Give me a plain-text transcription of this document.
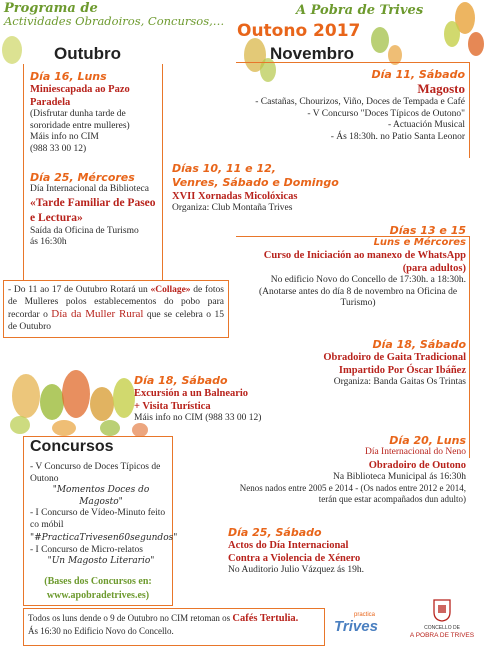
Programa de
Actividades Obradoiros, Concursos,…
A Pobra de Trives
Outono 2017
Outubro	Novembro
Día 16, Luns
Miniescapada ao Pazo Paradela
(Disfrutar dunha tarde de sororidade entre mulleres)
Máis info no CIM
(988 33 00 12)
Día 25, Mércores
Día Internacional da Biblioteca
«Tarde Familiar de Paseo e Lectura»
Saída da Oficina de Turismo
ás 16:30h
- Do 11 ao 17 de Outubro Rotará un «Collage» de fotos de Mulleres polos establecementos do pobo para recordar o Día da Muller Rural que se celebra o 15 de Outubro
Día 11, Sábado
Magosto
- Castañas, Chourizos, Viño, Doces de Tempada e Café
- V Concurso "Doces Típicos de Outono"
- Actuación Musical
- Ás 18:30h. no Patio Santa Leonor
Días 10, 11 e 12,
Venres, Sábado e Domingo
XVII Xornadas Micolóxicas
Organiza: Club Montaña Trives
Días 13 e 15
Luns e Mércores
Curso de Iniciación ao manexo de WhatsApp
(para adultos)
No edificio Novo do Concello de 17:30h. a 18:30h.
(Anotarse antes do día 8 de novembro na Oficina de Turismo)
Día 18, Sábado
Obradoiro de Gaita Tradicional
Impartido Por Óscar Ibáñez
Organiza: Banda Gaitas Os Trintas
Día 18, Sábado
Excursión a un Balneario
+ Visita Turística
Máis info no CIM (988 33 00 12)
Día 20, Luns
Día Internacional do Neno
Obradoiro de Outono
Na Biblioteca Municipal ás 16:30h
Nenos nados entre 2005 e 2014 - (Os nados entre 2012 e 2014, terán que estar acompañados dun adulto)
Día 25, Sábado
Actos do Día Internacional
Contra a Violencia de Xénero
No Auditorio Julio Vázquez ás 19h.
Concursos
- V Concurso de Doces Típicos de Outono
"Momentos Doces do Magosto"
- I Concurso de Vídeo-Minuto feito co móbil
"#PracticaTrivesen60segundos"
- I Concurso de Micro-relatos
"Un Magosto Literario"
(Bases dos Concursos en:
www.apobradetrives.es)
Todos os luns dende o 9 de Outubro no CIM retoman os Cafés Tertulia.
Ás 16:30 no Edificio Novo do Concello.
practica
Trives	CONCELLO DE
A POBRA DE TRIVES
